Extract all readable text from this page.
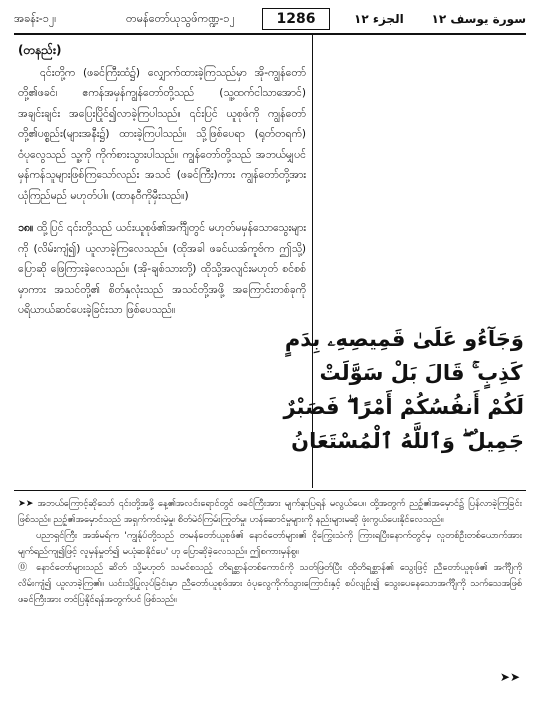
အခန်း-၁၂၊	တမန်တော်ယုသွဖ်ကဏ္ဍ-၁၂	1286	الجزء ١٢ سورة يوسف ١٢

(တနည်း)

၎င်းတို့က (ဖခင်ကြီးထံ၌) လျှောက်ထားခဲ့ကြသည်မှာ အို-ကျွန်တော်တို့၏ဖခင်၊ ဧကန်အမှန်ကျွန်တော်တို့သည် (သူ့ထက်ငါသာအောင်) အချင်းချင်း အပြေးပြိုင်၍လာခဲ့ကြပါသည်။ ၎င်းပြင် ယူစုဖ်ကို ကျွန်တော်တို့၏ပစ္စည်း(များအနီး၌) ထားခဲ့ကြပါသည်။ သို့ဖြစ်ပေရာ (ရုတ်တရက်) ဝံပုလွေသည် သူ့ကို ကိုက်စားသွားပါသည်။ ကျွန်တော်တို့သည် အဘယ်မျှပင်မှန်ကန်သူများဖြစ်ကြသော်လည်း အသင် (ဖခင်ကြီး)ကား ကျွန်တော်တို့အား ယုံကြည်မည် မဟုတ်ပါ။ (ထာနဝီကိုမှီးသည်။)

၁၈။ ထို့ပြင် ၎င်းတို့သည် ယင်းယူစုဖ်၏အင်္ကျီတွင် မဟုတ်မမှန်သောသွေးများကို (လိမ်းကျံ၍) ယူလာခဲ့ကြလေသည်။ (ထိုအခါ ဖခင်ယအ်ကူဗ်က ဤသို့) ပြောဆို ဖြေကြားခဲ့လေသည်။ (အို-ချစ်သားတို့) ထိုသို့အလျင်းမဟုတ် စင်စစ်မှာကား အသင်တို့၏ စိတ်နှလုံးသည် အသင်တို့အဖို့ အကြောင်းတစ်ခုကို ပရိယာယ်ဆင်ပေးခဲ့ခြင်းသာ ဖြစ်ပေသည်။

وَجَآءُو عَلَىٰ قَمِيصِهِۦ بِدَمٍ
كَذِبٍ ۚ قَالَ بَلْ سَوَّلَتْ
لَكُمْ أَنفُسُكُمْ أَمْرًا ۖ فَصَبْرٌ
جَمِيلٌ ۖ وَٱللَّهُ ٱلْمُسْتَعَانُ

➤➤ အဘယ်ကြောင့်ဆိုသော် ၎င်းတို့အဖို့ နေ့၏အလင်းရောင်တွင် ဖခင်ကြီးအား မျက်နှာပြရန် မလွယ်ပေ။ ထို့အတွက် ညဉ့်၏အမှောင်၌ ပြန်လာခဲ့ကြခြင်းဖြစ်သည်။ ညဉ့်၏အမှောင်သည် အရှက်ကင်းမဲ့မှု၊ စိတ်မဲ၀်ကြမ်းကြုတ်မှု၊ ဟန်ဆောင်မှုများကို နည်းများမဆို ဖုံးကွယ်ပေးနိုင်လေသည်။

ပညာရှင်ကြီး အအ်မရ်က 'ကျွန်ုပ်တို့သည် တမန်တော်ယူစုဖ်၏ နောင်တော်များ၏ ငိုကြွေးသံကို ကြားရပြီးနောက်တွင်မှ လူတစ်ဦးတစ်ယောက်အား မျက်ရည်ကျ၍ဖြင့် လူမှန်မှုတ်၍ မယုံဆနိုင်ပေ' ဟု ပြောဆိုခဲ့လေသည်။ ဤစကားမှန်စွ။

⓪ နောင်တော်များသည် ဆိတ် သို့မဟုတ် သမင်စသည့် တိရစ္ဆာန်တစ်ကောင်ကို သတ်ဖြတ်ပြီး ထိုတိရစ္ဆာန်၏ သွေးဖြင့် ညီတော်ယူစုဖ်၏ အင်္ကျီကို လိမ်းကျံ၍ ယူလာခဲ့ကြ၏။ ယင်းသို့ပြုလုပ်ခြင်းမှာ ညီတော်ယူစုဖ်အား ဝံပုလွေကိုက်သွားကြောင်းနှင့် စပ်လျဉ်း၍ သွေးပေနေသောအင်္ကျီကို သက်သေအဖြစ် ဖခင်ကြီးအား တင်ပြနိုင်ရန်အတွက်ပင် ဖြစ်သည်။

➤➤
